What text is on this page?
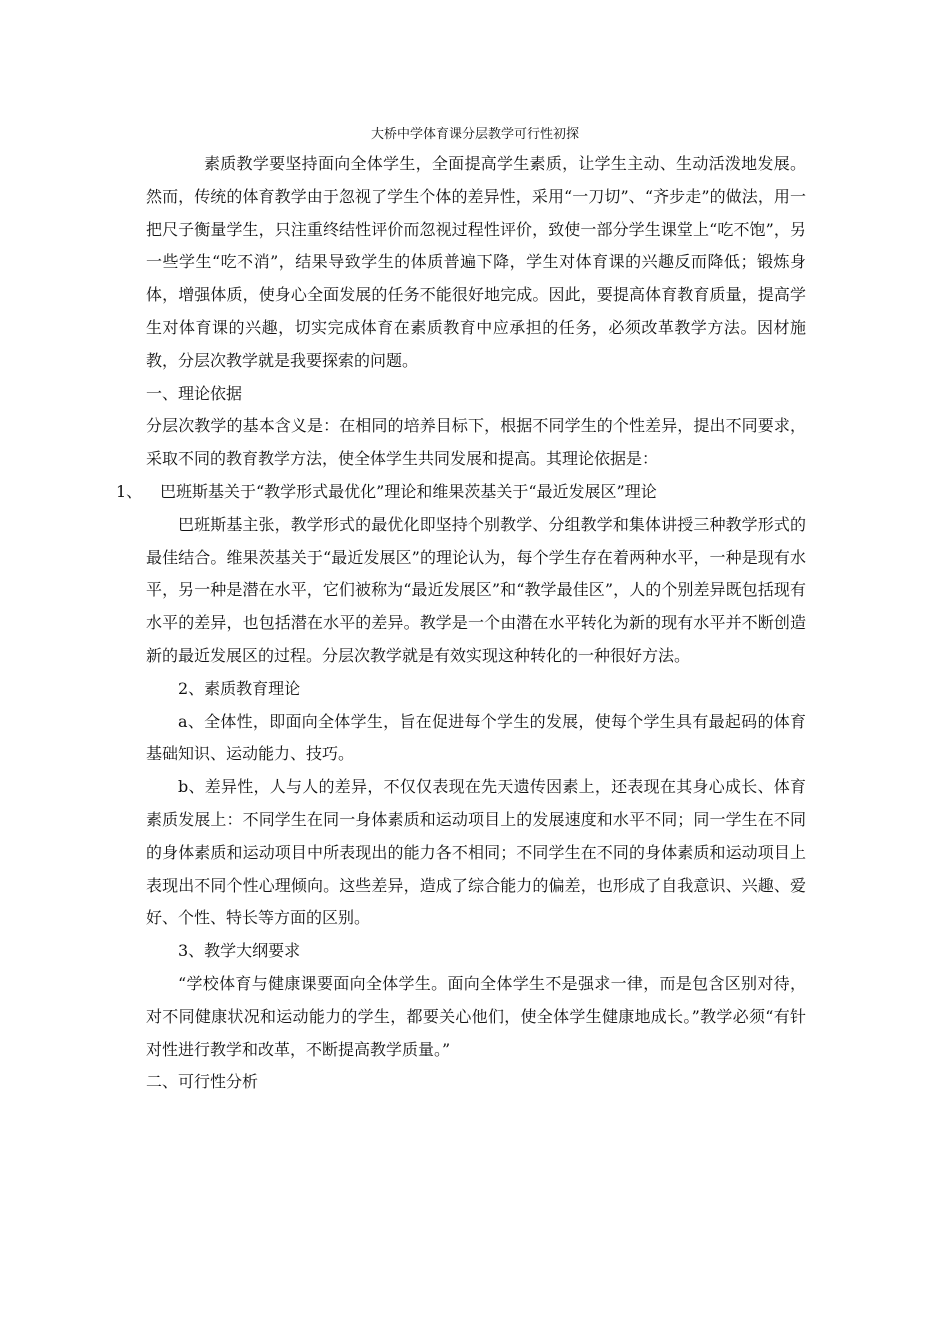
大桥中学体育课分层教学可行性初探

素质教学要坚持面向全体学生，全面提高学生素质，让学生主动、生动活泼地发展。然而，传统的体育教学由于忽视了学生个体的差异性，采用“一刀切”、“齐步走”的做法，用一把尺子衡量学生，只注重终结性评价而忽视过程性评价，致使一部分学生课堂上“吃不饱”，另一些学生“吃不消”，结果导致学生的体质普遍下降，学生对体育课的兴趣反而降低；锻炼身体，增强体质，使身心全面发展的任务不能很好地完成。因此，要提高体育教育质量，提高学生对体育课的兴趣，切实完成体育在素质教育中应承担的任务，必须改革教学方法。因材施教，分层次教学就是我要探索的问题。

一、理论依据

分层次教学的基本含义是：在相同的培养目标下，根据不同学生的个性差异，提出不同要求，采取不同的教育教学方法，使全体学生共同发展和提高。其理论依据是：

1、 巴班斯基关于“教学形式最优化”理论和维果茨基关于“最近发展区”理论

巴班斯基主张，教学形式的最优化即坚持个别教学、分组教学和集体讲授三种教学形式的最佳结合。维果茨基关于“最近发展区”的理论认为，每个学生存在着两种水平，一种是现有水平，另一种是潜在水平，它们被称为“最近发展区”和“教学最佳区”，人的个别差异既包括现有水平的差异，也包括潜在水平的差异。教学是一个由潜在水平转化为新的现有水平并不断创造新的最近发展区的过程。分层次教学就是有效实现这种转化的一种很好方法。

2、素质教育理论

a、全体性，即面向全体学生，旨在促进每个学生的发展，使每个学生具有最起码的体育基础知识、运动能力、技巧。

b、差异性，人与人的差异，不仅仅表现在先天遗传因素上，还表现在其身心成长、体育素质发展上：不同学生在同一身体素质和运动项目上的发展速度和水平不同；同一学生在不同的身体素质和运动项目中所表现出的能力各不相同；不同学生在不同的身体素质和运动项目上表现出不同个性心理倾向。这些差异，造成了综合能力的偏差，也形成了自我意识、兴趣、爱好、个性、特长等方面的区别。

3、教学大纲要求

“学校体育与健康课要面向全体学生。面向全体学生不是强求一律，而是包含区别对待，对不同健康状况和运动能力的学生，都要关心他们，使全体学生健康地成长。”教学必须“有针对性进行教学和改革，不断提高教学质量。”

二、可行性分析
